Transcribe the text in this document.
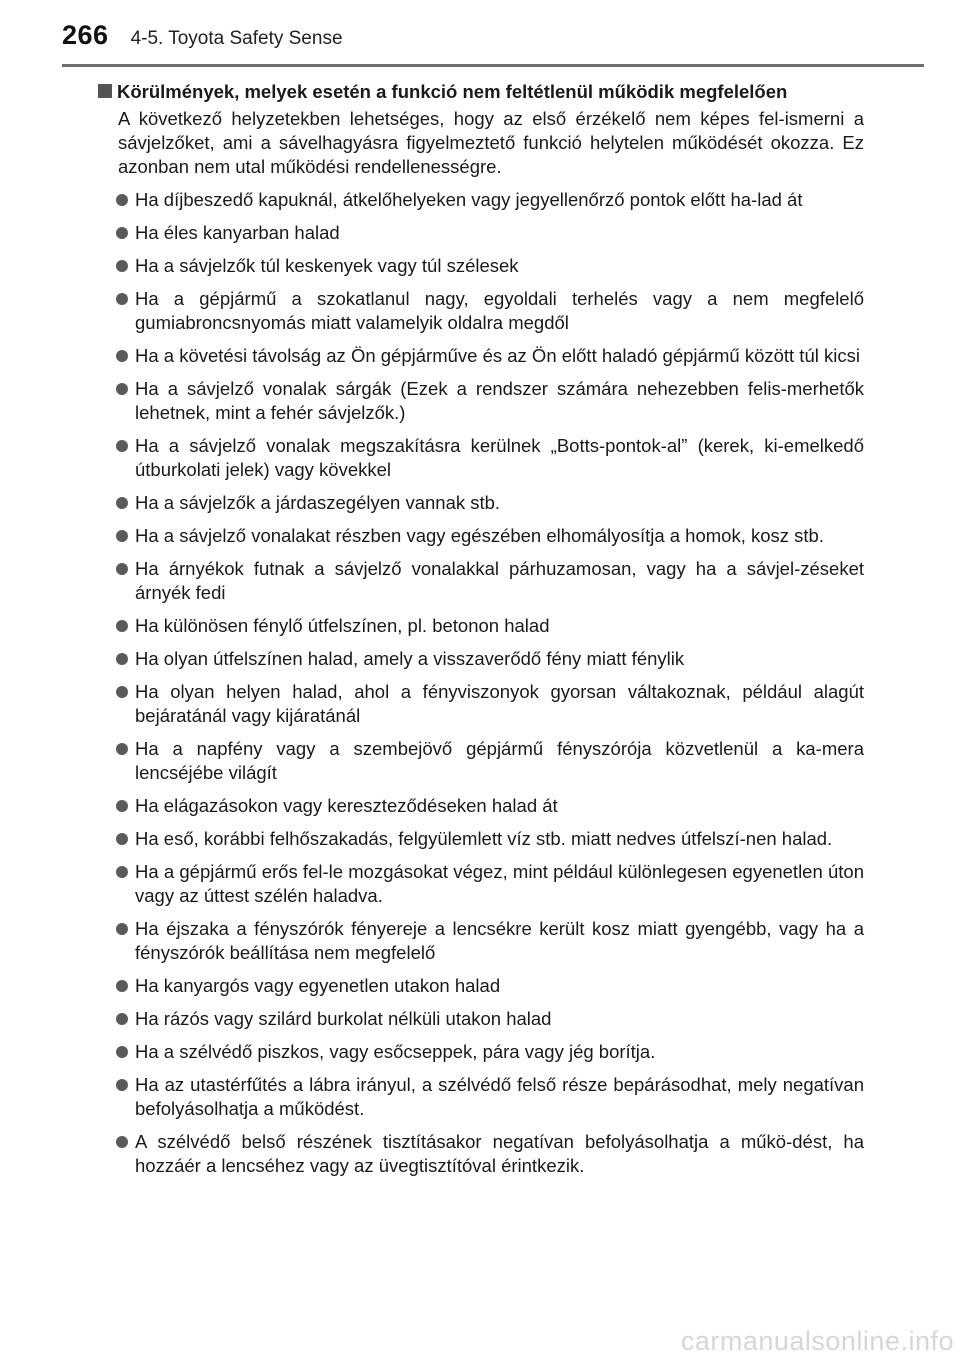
266 4-5. Toyota Safety Sense
Körülmények, melyek esetén a funkció nem feltétlenül működik megfelelően
A következő helyzetekben lehetséges, hogy az első érzékelő nem képes fel-ismerni a sávjelzőket, ami a sávelhagyásra figyelmeztető funkció helytelen működését okozza. Ez azonban nem utal működési rendellenességre.
Ha díjbeszedő kapuknál, átkelőhelyeken vagy jegyellenőrző pontok előtt ha-lad át
Ha éles kanyarban halad
Ha a sávjelzők túl keskenyek vagy túl szélesek
Ha a gépjármű a szokatlanul nagy, egyoldali terhelés vagy a nem megfelelő gumiabroncsnyomás miatt valamelyik oldalra megdől
Ha a követési távolság az Ön gépjárműve és az Ön előtt haladó gépjármű között túl kicsi
Ha a sávjelző vonalak sárgák (Ezek a rendszer számára nehezebben felis-merhetők lehetnek, mint a fehér sávjelzők.)
Ha a sávjelző vonalak megszakításra kerülnek „Botts-pontok-al” (kerek, ki-emelkedő útburkolati jelek) vagy kövekkel
Ha a sávjelzők a járdaszegélyen vannak stb.
Ha a sávjelző vonalakat részben vagy egészében elhomályosítja a homok, kosz stb.
Ha árnyékok futnak a sávjelző vonalakkal párhuzamosan, vagy ha a sávjel-zéseket árnyék fedi
Ha különösen fénylő útfelszínen, pl. betonon halad
Ha olyan útfelszínen halad, amely a visszaverődő fény miatt fénylik
Ha olyan helyen halad, ahol a fényviszonyok gyorsan váltakoznak, például alagút bejáratánál vagy kijáratánál
Ha a napfény vagy a szembejövő gépjármű fényszórója közvetlenül a ka-mera lencséjébe világít
Ha elágazásokon vagy kereszteződéseken halad át
Ha eső, korábbi felhőszakadás, felgyülemlett víz stb. miatt nedves útfelszí-nen halad.
Ha a gépjármű erős fel-le mozgásokat végez, mint például különlegesen egyenetlen úton vagy az úttest szélén haladva.
Ha éjszaka a fényszórók fényereje a lencsékre került kosz miatt gyengébb, vagy ha a fényszórók beállítása nem megfelelő
Ha kanyargós vagy egyenetlen utakon halad
Ha rázós vagy szilárd burkolat nélküli utakon halad
Ha a szélvédő piszkos, vagy esőcseppek, pára vagy jég borítja.
Ha az utastérfűtés a lábra irányul, a szélvédő felső része bepárásodhat, mely negatívan befolyásolhatja a működést.
A szélvédő belső részének tisztításakor negatívan befolyásolhatja a műkö-dést, ha hozzáér a lencséhez vagy az üvegtisztítóval érintkezik.
carmanualsonline.info
